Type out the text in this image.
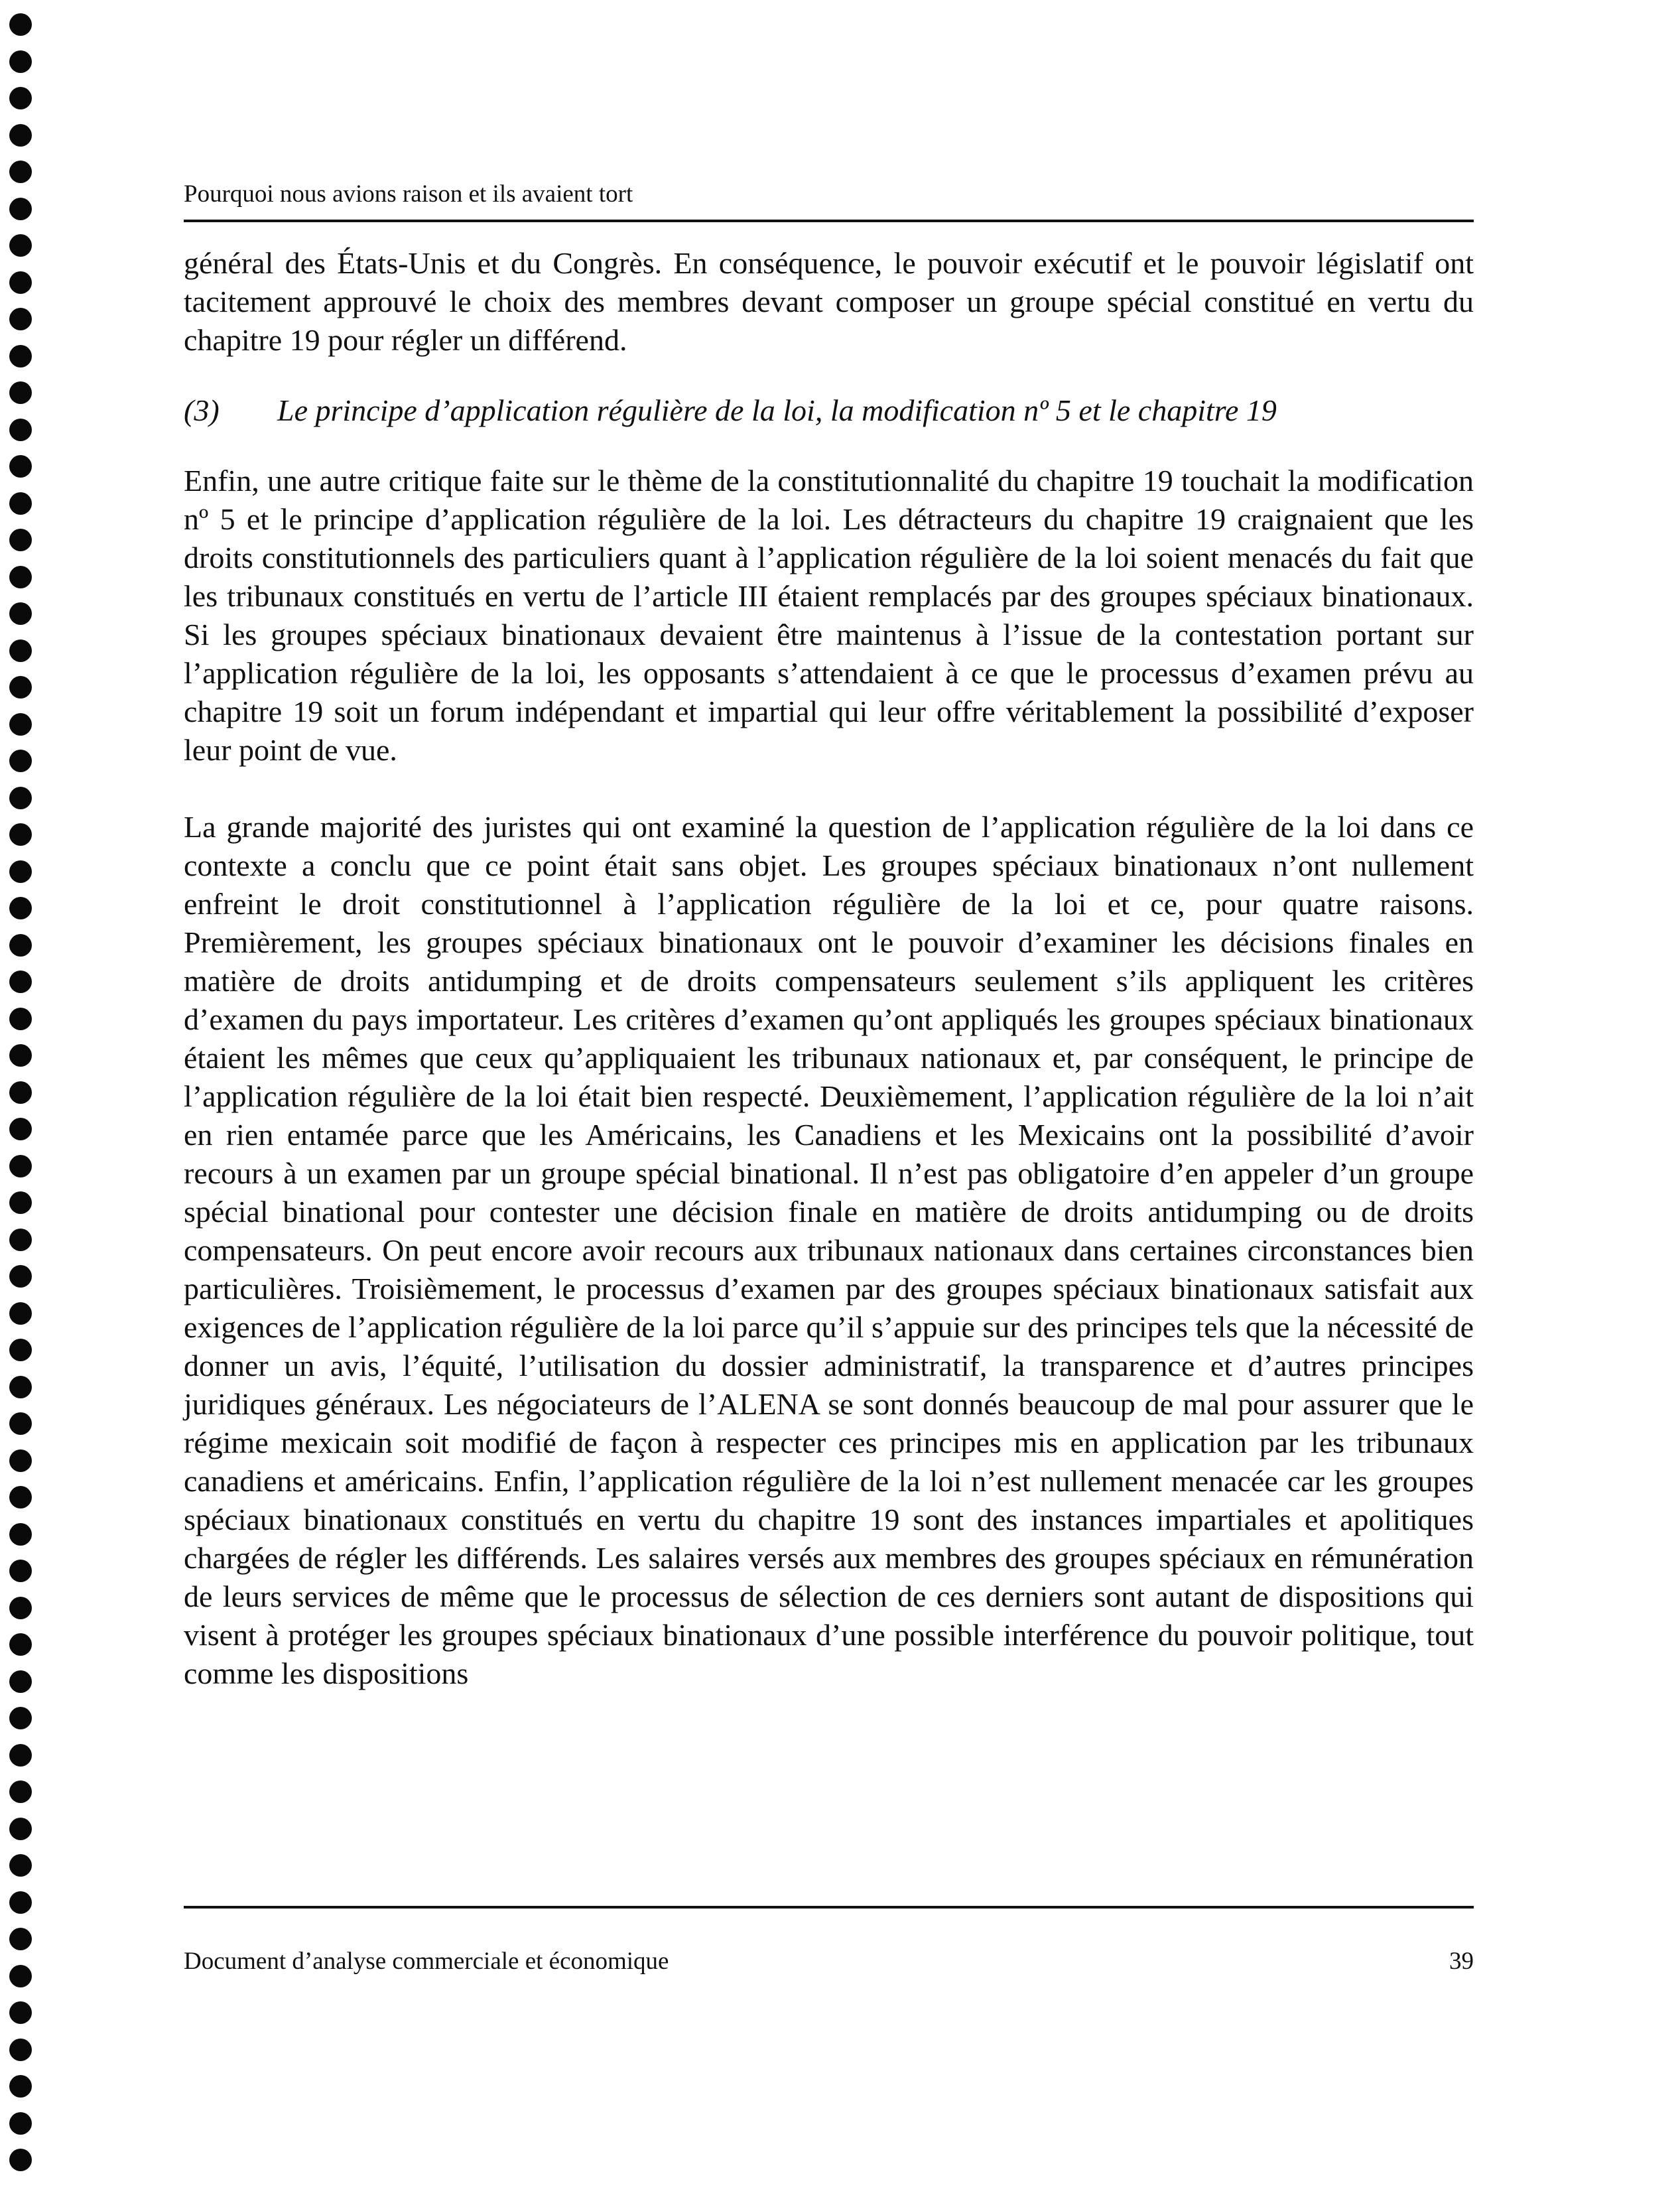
Pourquoi nous avions raison et ils avaient tort

général des États-Unis et du Congrès. En conséquence, le pouvoir exécutif et le pouvoir législatif ont tacitement approuvé le choix des membres devant composer un groupe spécial constitué en vertu du chapitre 19 pour régler un différend.

(3) Le principe d’application régulière de la loi, la modification nº 5 et le chapitre 19

Enfin, une autre critique faite sur le thème de la constitutionnalité du chapitre 19 touchait la modification nº 5 et le principe d’application régulière de la loi. Les détracteurs du chapitre 19 craignaient que les droits constitutionnels des particuliers quant à l’application régulière de la loi soient menacés du fait que les tribunaux constitués en vertu de l’article III étaient remplacés par des groupes spéciaux binationaux. Si les groupes spéciaux binationaux devaient être maintenus à l’issue de la contestation portant sur l’application régulière de la loi, les opposants s’attendaient à ce que le processus d’examen prévu au chapitre 19 soit un forum indépendant et impartial qui leur offre véritablement la possibilité d’exposer leur point de vue.

La grande majorité des juristes qui ont examiné la question de l’application régulière de la loi dans ce contexte a conclu que ce point était sans objet. Les groupes spéciaux binationaux n’ont nullement enfreint le droit constitutionnel à l’application régulière de la loi et ce, pour quatre raisons. Premièrement, les groupes spéciaux binationaux ont le pouvoir d’examiner les décisions finales en matière de droits antidumping et de droits compensateurs seulement s’ils appliquent les critères d’examen du pays importateur. Les critères d’examen qu’ont appliqués les groupes spéciaux binationaux étaient les mêmes que ceux qu’appliquaient les tribunaux nationaux et, par conséquent, le principe de l’application régulière de la loi était bien respecté. Deuxièmement, l’application régulière de la loi n’ait en rien entamée parce que les Américains, les Canadiens et les Mexicains ont la possibilité d’avoir recours à un examen par un groupe spécial binational. Il n’est pas obligatoire d’en appeler d’un groupe spécial binational pour contester une décision finale en matière de droits antidumping ou de droits compensateurs. On peut encore avoir recours aux tribunaux nationaux dans certaines circonstances bien particulières. Troisièmement, le processus d’examen par des groupes spéciaux binationaux satisfait aux exigences de l’application régulière de la loi parce qu’il s’appuie sur des principes tels que la nécessité de donner un avis, l’équité, l’utilisation du dossier administratif, la transparence et d’autres principes juridiques généraux. Les négociateurs de l’ALENA se sont donnés beaucoup de mal pour assurer que le régime mexicain soit modifié de façon à respecter ces principes mis en application par les tribunaux canadiens et américains. Enfin, l’application régulière de la loi n’est nullement menacée car les groupes spéciaux binationaux constitués en vertu du chapitre 19 sont des instances impartiales et apolitiques chargées de régler les différends. Les salaires versés aux membres des groupes spéciaux en rémunération de leurs services de même que le processus de sélection de ces derniers sont autant de dispositions qui visent à protéger les groupes spéciaux binationaux d’une possible interférence du pouvoir politique, tout comme les dispositions

Document d’analyse commerciale et économique	39
